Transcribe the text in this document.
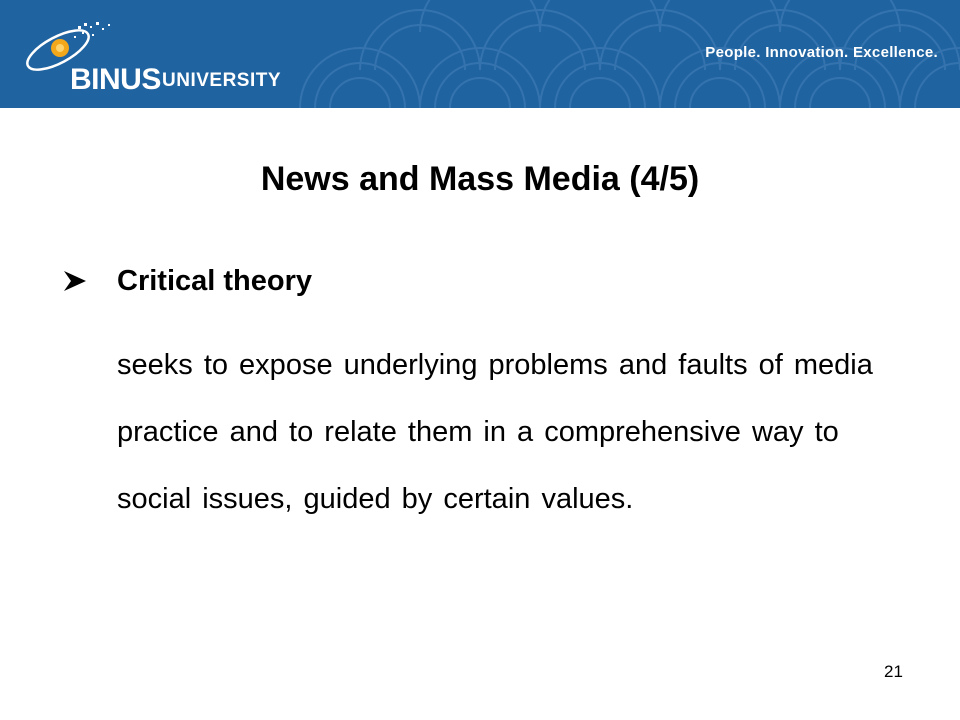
BINUS UNIVERSITY
People. Innovation. Excellence.
News and Mass Media (4/5)
Critical theory
seeks to expose underlying problems and faults of media practice and to relate them in a comprehensive way to social issues, guided by certain values.
21
